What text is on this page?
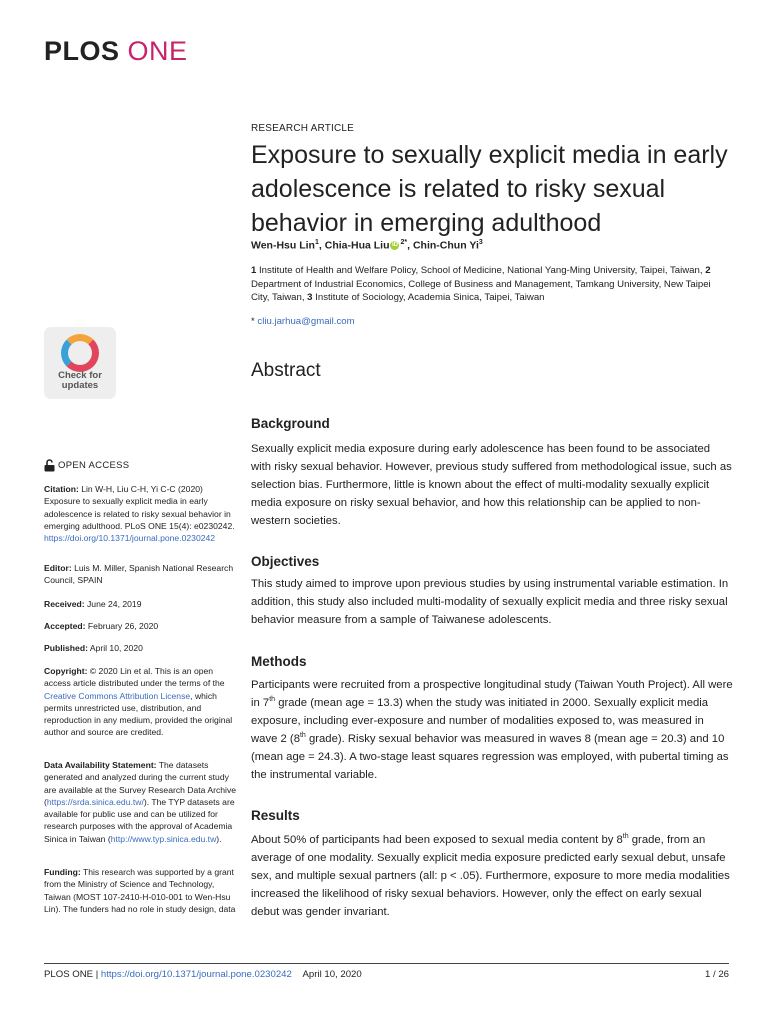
PLOS ONE
RESEARCH ARTICLE
Exposure to sexually explicit media in early adolescence is related to risky sexual behavior in emerging adulthood
Wen-Hsu Lin$^1$, Chia-Hua Liu iD $^{2*}$, Chin-Chun Yi$^3$
1 Institute of Health and Welfare Policy, School of Medicine, National Yang-Ming University, Taipei, Taiwan, 2 Department of Industrial Economics, College of Business and Management, Tamkang University, New Taipei City, Taiwan, 3 Institute of Sociology, Academia Sinica, Taipei, Taiwan
* cliu.jarhua@gmail.com
Abstract
Background
Sexually explicit media exposure during early adolescence has been found to be associated with risky sexual behavior. However, previous study suffered from methodological issue, such as selection bias. Furthermore, little is known about the effect of multi-modality sexually explicit media exposure on risky sexual behavior, and how this relationship can be applied to non-western societies.
Objectives
This study aimed to improve upon previous studies by using instrumental variable estimation. In addition, this study also included multi-modality of sexually explicit media and three risky sexual behavior measure from a sample of Taiwanese adolescents.
Methods
Participants were recruited from a prospective longitudinal study (Taiwan Youth Project). All were in 7th grade (mean age = 13.3) when the study was initiated in 2000. Sexually explicit media exposure, including ever-exposure and number of modalities exposed to, was measured in wave 2 (8th grade). Risky sexual behavior was measured in waves 8 (mean age = 20.3) and 10 (mean age = 24.3). A two-stage least squares regression was employed, with pubertal timing as the instrumental variable.
Results
About 50% of participants had been exposed to sexual media content by 8th grade, from an average of one modality. Sexually explicit media exposure predicted early sexual debut, unsafe sex, and multiple sexual partners (all: p < .05). Furthermore, exposure to more media modalities increased the likelihood of risky sexual behaviors. However, only the effect on early sexual debut was gender invariant.
Check for
updates
OPEN ACCESS
Citation: Lin W-H, Liu C-H, Yi C-C (2020) Exposure to sexually explicit media in early adolescence is related to risky sexual behavior in emerging adulthood. PLoS ONE 15(4): e0230242. https://doi.org/10.1371/journal.pone.0230242
Editor: Luis M. Miller, Spanish National Research Council, SPAIN
Received: June 24, 2019
Accepted: February 26, 2020
Published: April 10, 2020
Copyright: © 2020 Lin et al. This is an open access article distributed under the terms of the Creative Commons Attribution License, which permits unrestricted use, distribution, and reproduction in any medium, provided the original author and source are credited.
Data Availability Statement: The datasets generated and analyzed during the current study are available at the Survey Research Data Archive (https://srda.sinica.edu.tw/). The TYP datasets are available for public use and can be utilized for research purposes with the approval of Academia Sinica in Taiwan (http://www.typ.sinica.edu.tw).
Funding: This research was supported by a grant from the Ministry of Science and Technology, Taiwan (MOST 107-2410-H-010-001 to Wen-Hsu Lin). The funders had no role in study design, data
PLOS ONE | https://doi.org/10.1371/journal.pone.0230242 April 10, 2020	1 / 26
